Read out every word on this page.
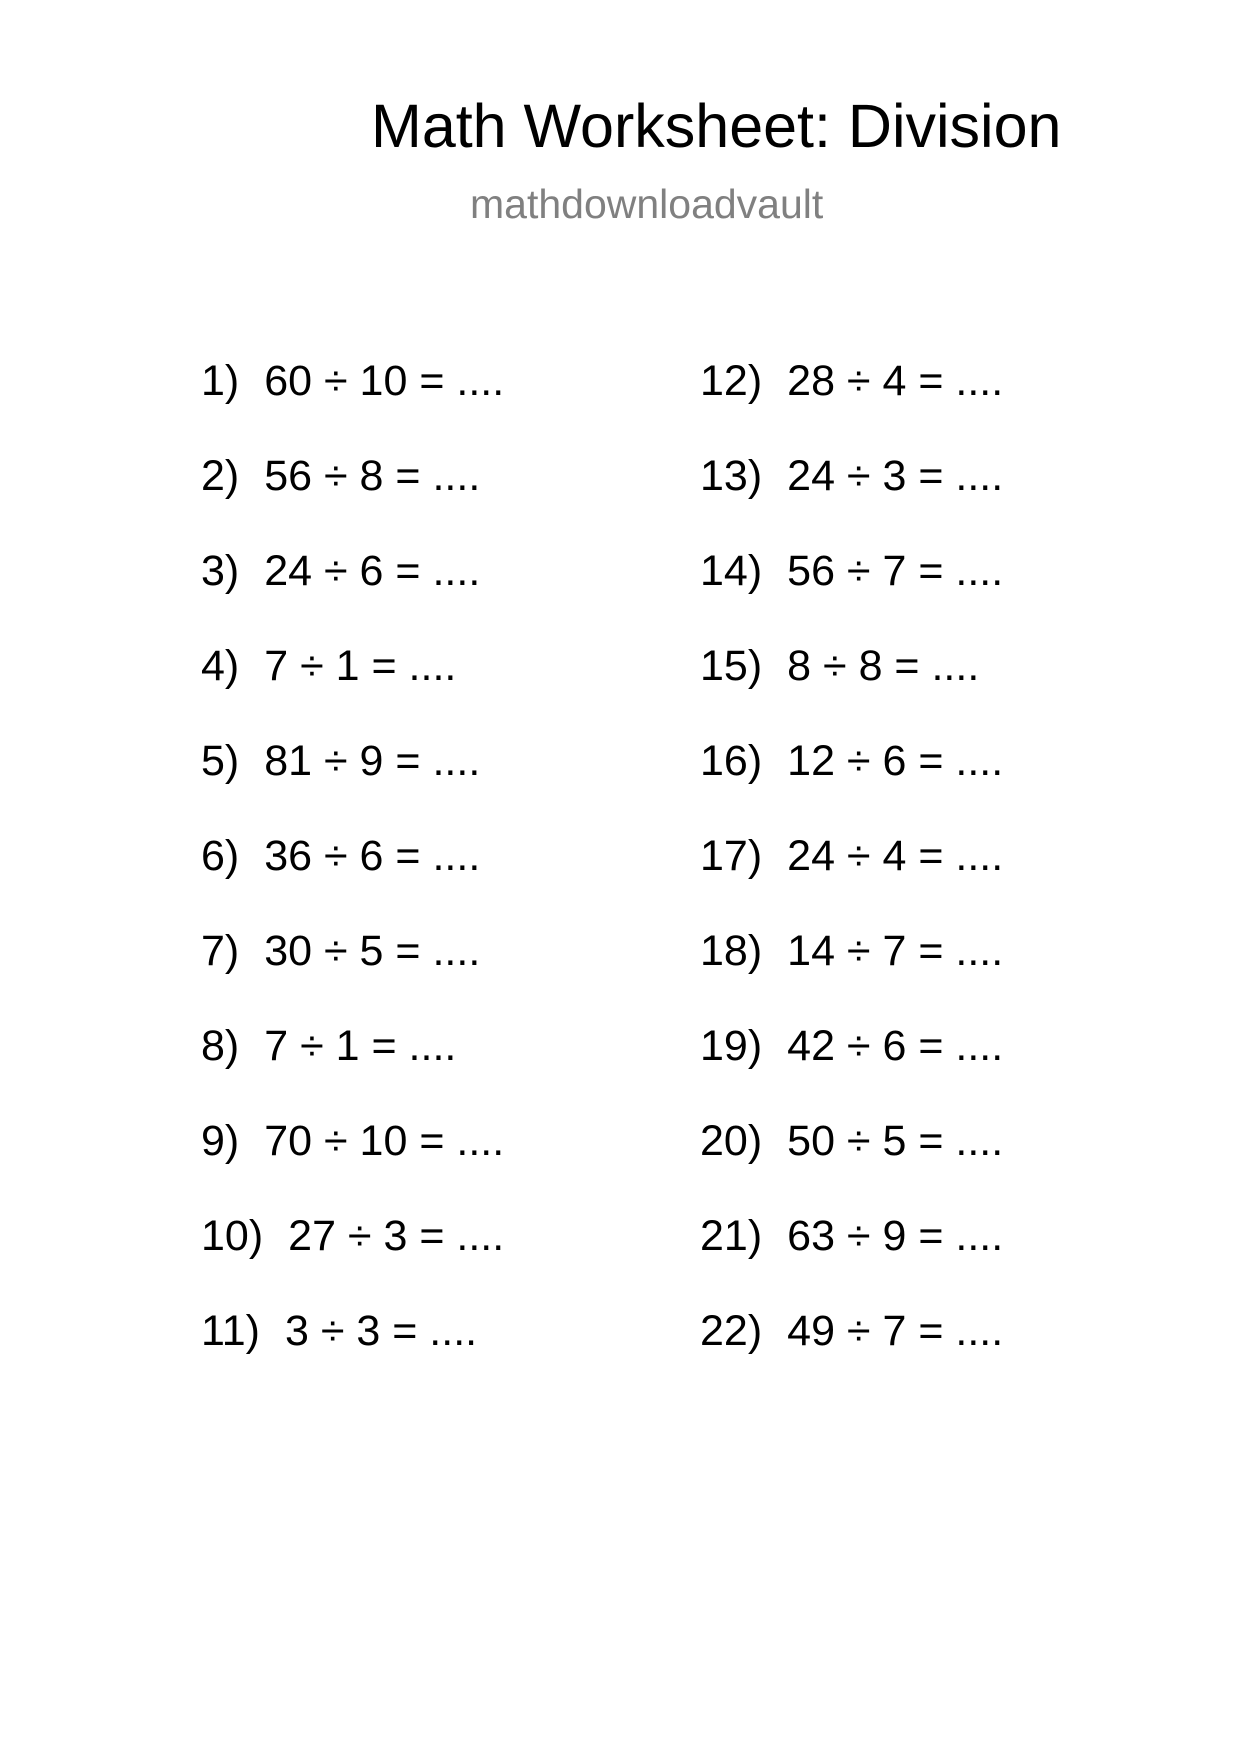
Math Worksheet: Division
mathdownloadvault
1) 60 ÷ 10 = ....
2) 56 ÷ 8 = ....
3) 24 ÷ 6 = ....
4) 7 ÷ 1 = ....
5) 81 ÷ 9 = ....
6) 36 ÷ 6 = ....
7) 30 ÷ 5 = ....
8) 7 ÷ 1 = ....
9) 70 ÷ 10 = ....
10) 27 ÷ 3 = ....
11) 3 ÷ 3 = ....
12) 28 ÷ 4 = ....
13) 24 ÷ 3 = ....
14) 56 ÷ 7 = ....
15) 8 ÷ 8 = ....
16) 12 ÷ 6 = ....
17) 24 ÷ 4 = ....
18) 14 ÷ 7 = ....
19) 42 ÷ 6 = ....
20) 50 ÷ 5 = ....
21) 63 ÷ 9 = ....
22) 49 ÷ 7 = ....
